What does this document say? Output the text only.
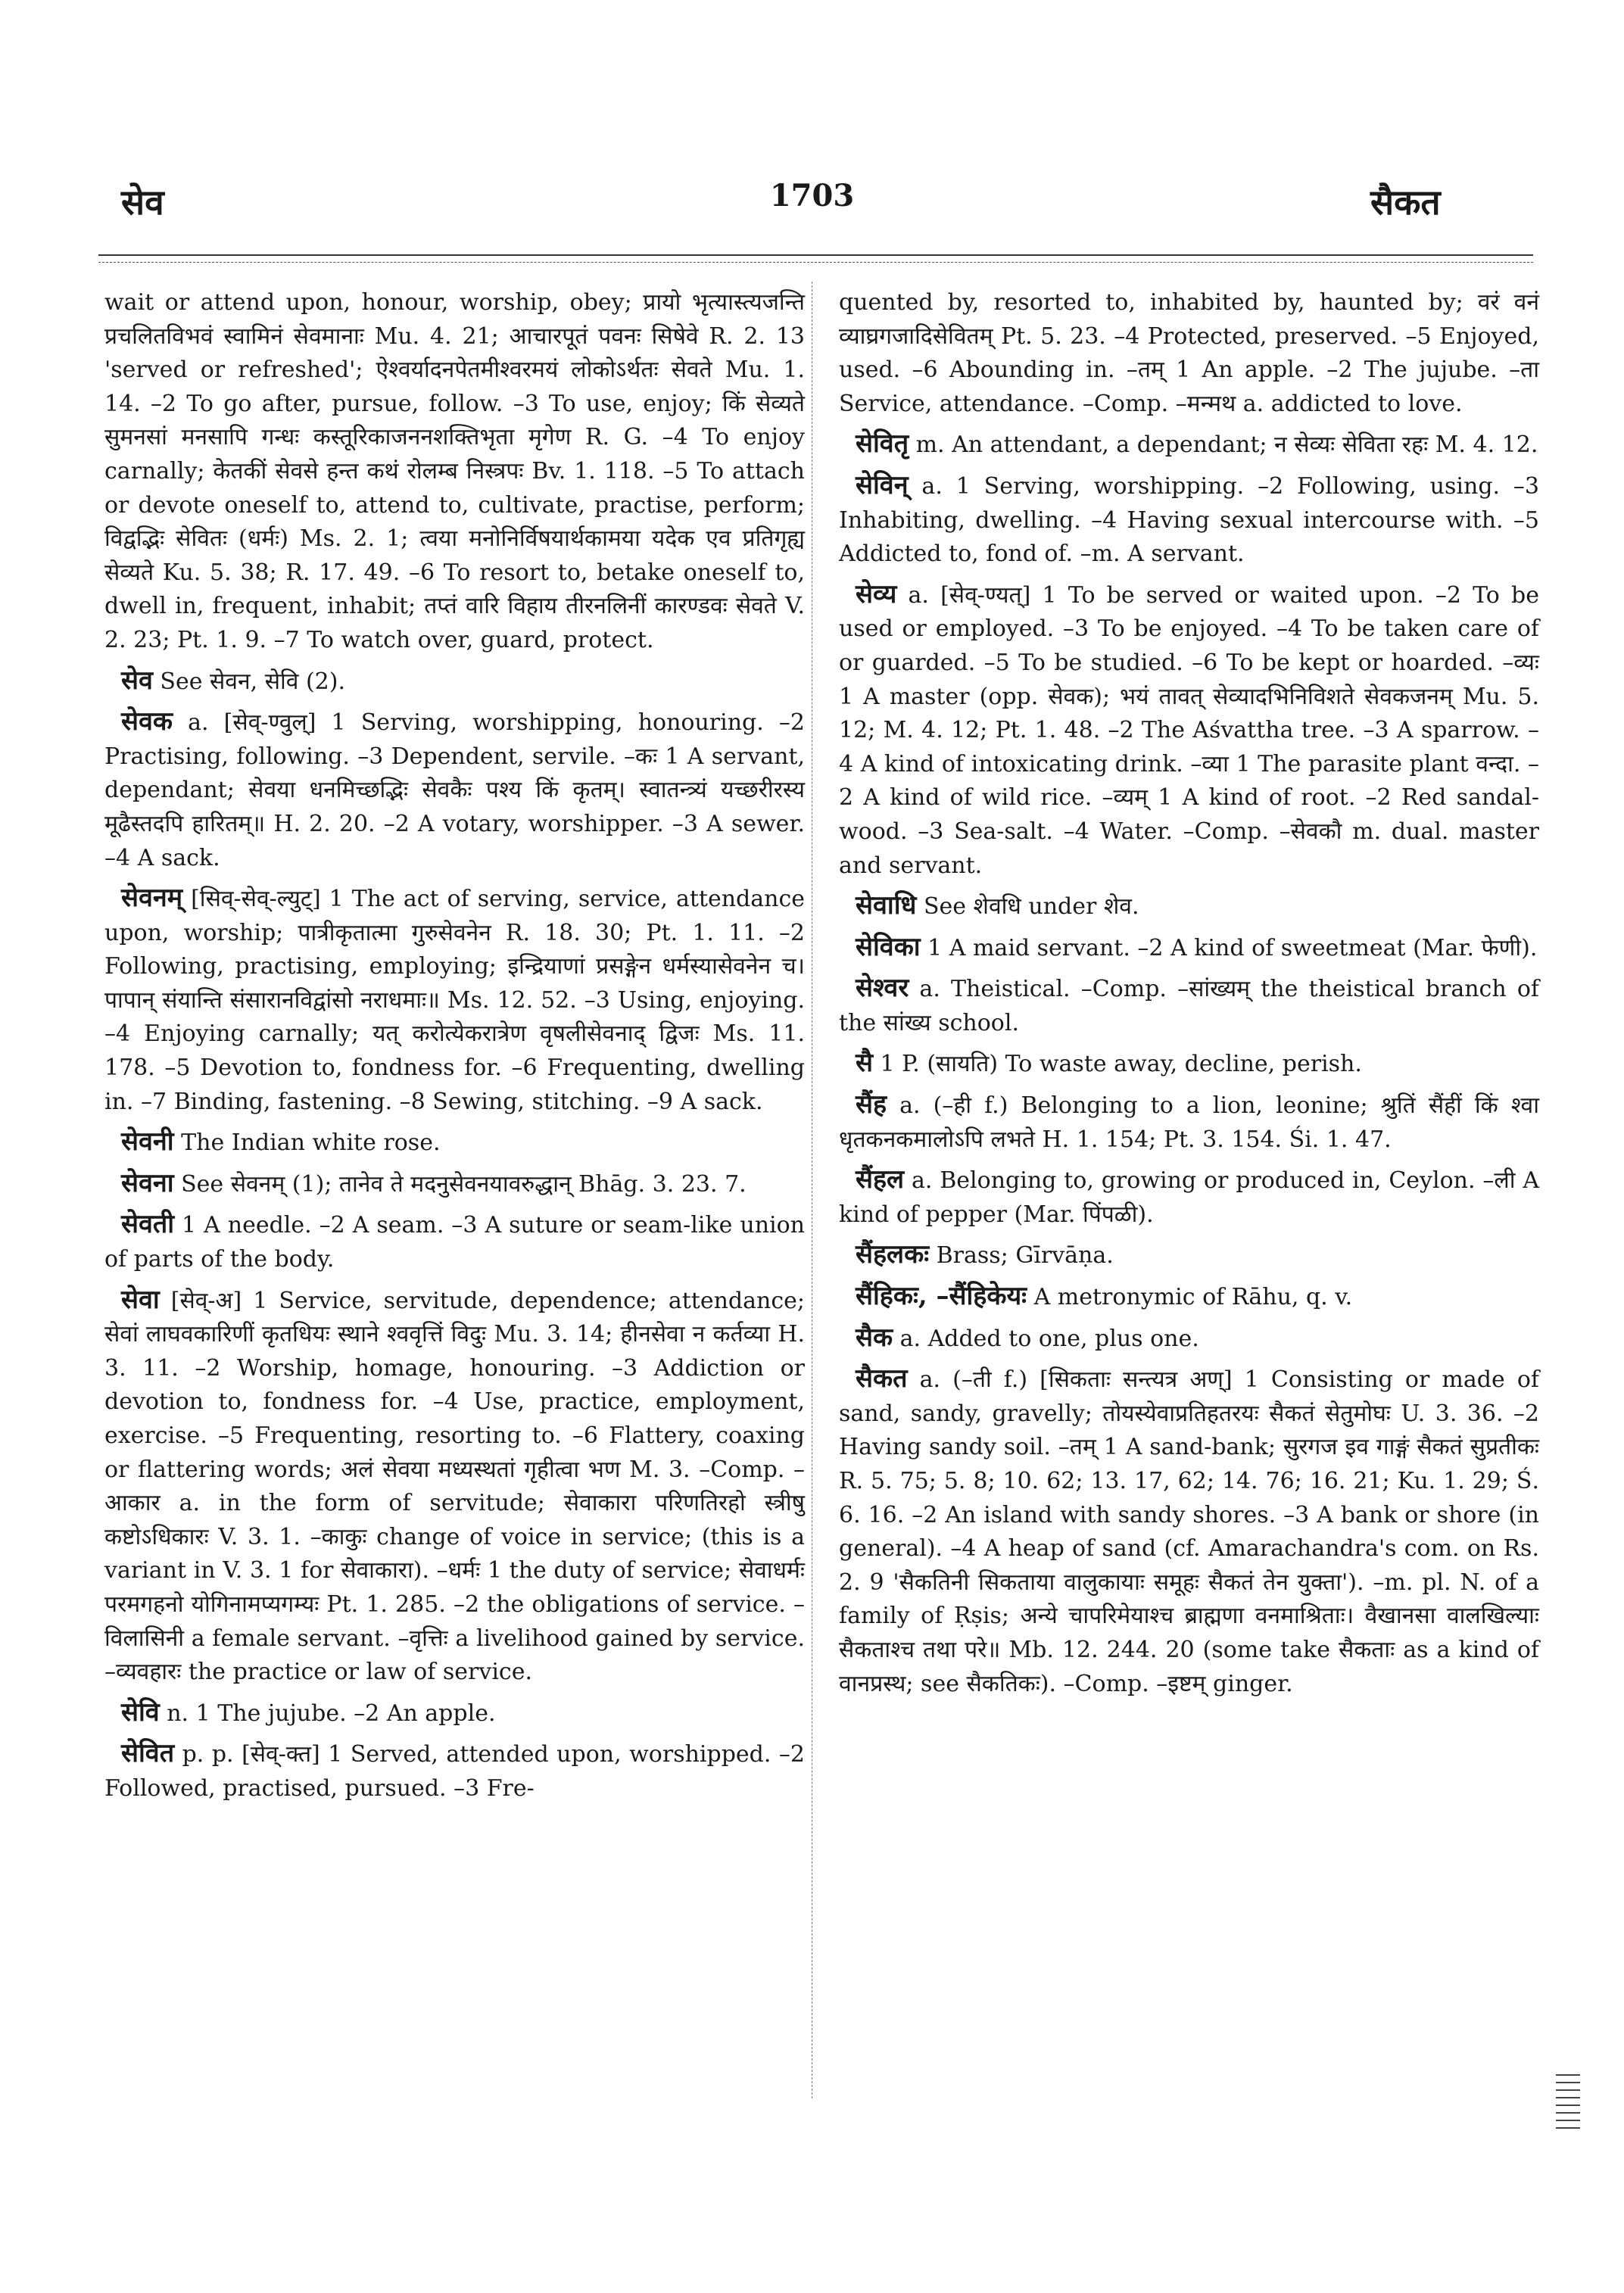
सेव	1703	सैकत

wait or attend upon, honour, worship, obey; प्रायो भृत्यास्त्यजन्ति प्रचलितविभवं स्वामिनं सेवमानाः Mu. 4. 21; आचारपूतं पवनः सिषेवे R. 2. 13 'served or refreshed'; ऐश्वर्यादनपेतमीश्वरमयं लोकोऽर्थतः सेवते Mu. 1. 14. –2 To go after, pursue, follow. –3 To use, enjoy; किं सेव्यते सुमनसां मनसापि गन्धः कस्तूरिकाजननशक्तिभृता मृगेण R. G. –4 To enjoy carnally; केतकीं सेवसे हन्त कथं रोलम्ब निस्त्रपः Bv. 1. 118. –5 To attach or devote oneself to, attend to, cultivate, practise, perform; विद्वद्भिः सेवितः (धर्मः) Ms. 2. 1; त्वया मनोनिर्विषयार्थकामया यदेक एव प्रतिगृह्य सेव्यते Ku. 5. 38; R. 17. 49. –6 To resort to, betake oneself to, dwell in, frequent, inhabit; तप्तं वारि विहाय तीरनलिनीं कारण्डवः सेवते V. 2. 23; Pt. 1. 9. –7 To watch over, guard, protect.

सेव See सेवन, सेवि (2).

सेवक a. [सेव्-ण्वुल्] 1 Serving, worshipping, honouring. –2 Practising, following. –3 Dependent, servile. –कः 1 A servant, dependant; सेवया धनमिच्छद्भिः सेवकैः पश्य किं कृतम्। स्वातन्त्र्यं यच्छरीरस्य मूढैस्तदपि हारितम्॥ H. 2. 20. –2 A votary, worshipper. –3 A sewer. –4 A sack.

सेवनम् [सिव्-सेव्-ल्युट्] 1 The act of serving, service, attendance upon, worship; पात्रीकृतात्मा गुरुसेवनेन R. 18. 30; Pt. 1. 11. –2 Following, practising, employing; इन्द्रियाणां प्रसङ्गेन धर्मस्यासेवनेन च। पापान् संयान्ति संसारानविद्वांसो नराधमाः॥ Ms. 12. 52. –3 Using, enjoying. –4 Enjoying carnally; यत् करोत्येकरात्रेण वृषलीसेवनाद् द्विजः Ms. 11. 178. –5 Devotion to, fondness for. –6 Frequenting, dwelling in. –7 Binding, fastening. –8 Sewing, stitching. –9 A sack.

सेवनी The Indian white rose.

सेवना See सेवनम् (1); तानेव ते मदनुसेवनयावरुद्धान् Bhāg. 3. 23. 7.

सेवती 1 A needle. –2 A seam. –3 A suture or seam-like union of parts of the body.

सेवा [सेव्-अ] 1 Service, servitude, dependence; attendance; सेवां लाघवकारिणीं कृतधियः स्थाने श्ववृत्तिं विदुः Mu. 3. 14; हीनसेवा न कर्तव्या H. 3. 11. –2 Worship, homage, honouring. –3 Addiction or devotion to, fondness for. –4 Use, practice, employment, exercise. –5 Frequenting, resorting to. –6 Flattery, coaxing or flattering words; अलं सेवया मध्यस्थतां गृहीत्वा भण M. 3. –Comp. –आकार a. in the form of servitude; सेवाकारा परिणतिरहो स्त्रीषु कष्टोऽधिकारः V. 3. 1. –काकुः change of voice in service; (this is a variant in V. 3. 1 for सेवाकारा). –धर्मः 1 the duty of service; सेवाधर्मः परमगहनो योगिनामप्यगम्यः Pt. 1. 285. –2 the obligations of service. –विलासिनी a female servant. –वृत्तिः a livelihood gained by service. –व्यवहारः the practice or law of service.

सेवि n. 1 The jujube. –2 An apple.

सेवित p. p. [सेव्-क्त] 1 Served, attended upon, worshipped. –2 Followed, practised, pursued. –3 Fre-

quented by, resorted to, inhabited by, haunted by; वरं वनं व्याघ्रगजादिसेवितम् Pt. 5. 23. –4 Protected, preserved. –5 Enjoyed, used. –6 Abounding in. –तम् 1 An apple. –2 The jujube. –ता Service, attendance. –Comp. –मन्मथ a. addicted to love.

सेवितृ m. An attendant, a dependant; न सेव्यः सेविता रहः M. 4. 12.

सेविन् a. 1 Serving, worshipping. –2 Following, using. –3 Inhabiting, dwelling. –4 Having sexual intercourse with. –5 Addicted to, fond of. –m. A servant.

सेव्य a. [सेव्-ण्यत्] 1 To be served or waited upon. –2 To be used or employed. –3 To be enjoyed. –4 To be taken care of or guarded. –5 To be studied. –6 To be kept or hoarded. –व्यः 1 A master (opp. सेवक); भयं तावत् सेव्यादभिनिविशते सेवकजनम् Mu. 5. 12; M. 4. 12; Pt. 1. 48. –2 The Aśvattha tree. –3 A sparrow. –4 A kind of intoxicating drink. –व्या 1 The parasite plant वन्दा. –2 A kind of wild rice. –व्यम् 1 A kind of root. –2 Red sandal-wood. –3 Sea-salt. –4 Water. –Comp. –सेवकौ m. dual. master and servant.

सेवाधि See शेवधि under शेव.

सेविका 1 A maid servant. –2 A kind of sweetmeat (Mar. फेणी).

सेश्वर a. Theistical. –Comp. –सांख्यम् the theistical branch of the सांख्य school.

सै 1 P. (सायति) To waste away, decline, perish.

सैंह a. (–ही f.) Belonging to a lion, leonine; श्रुतिं सैंहीं किं श्वा धृतकनकमालोऽपि लभते H. 1. 154; Pt. 3. 154. Śi. 1. 47.

सैंहल a. Belonging to, growing or produced in, Ceylon. –ली A kind of pepper (Mar. पिंपळी).

सैंहलकः Brass; Gīrvāṇa.

सैंहिकः, –सैंहिकेयः A metronymic of Rāhu, q. v.

सैक a. Added to one, plus one.

सैकत a. (–ती f.) [सिकताः सन्त्यत्र अण्] 1 Consisting or made of sand, sandy, gravelly; तोयस्येवाप्रतिहतरयः सैकतं सेतुमोघः U. 3. 36. –2 Having sandy soil. –तम् 1 A sand-bank; सुरगज इव गाङ्गं सैकतं सुप्रतीकः R. 5. 75; 5. 8; 10. 62; 13. 17, 62; 14. 76; 16. 21; Ku. 1. 29; Ś. 6. 16. –2 An island with sandy shores. –3 A bank or shore (in general). –4 A heap of sand (cf. Amarachandra's com. on Rs. 2. 9 'सैकतिनी सिकताया वालुकायाः समूहः सैकतं तेन युक्ता'). –m. pl. N. of a family of Ṛṣis; अन्ये चापरिमेयाश्च ब्राह्मणा वनमाश्रिताः। वैखानसा वालखिल्याः सैकताश्च तथा परे॥ Mb. 12. 244. 20 (some take सैकताः as a kind of वानप्रस्थ; see सैकतिकः). –Comp. –इष्टम् ginger.
